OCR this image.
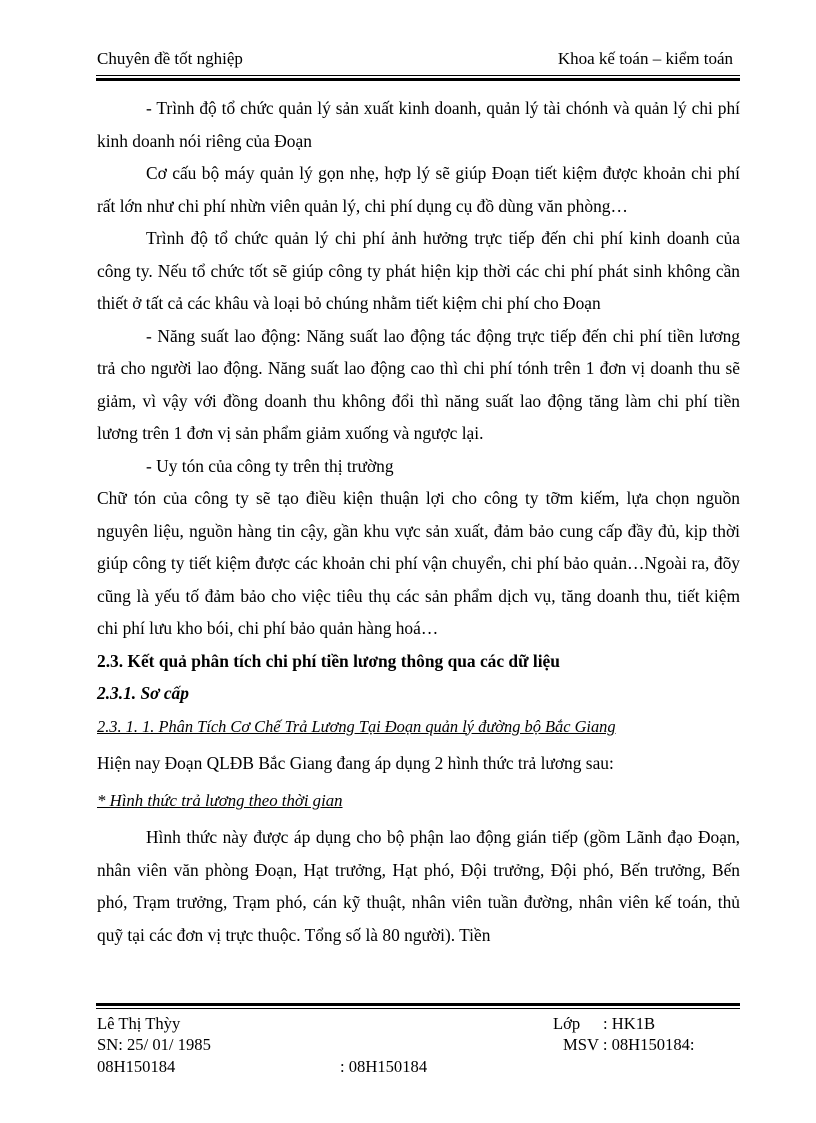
Chuyên đề tốt nghiệp	Khoa kế toán – kiểm toán

- Trình độ tổ chức quản lý sản xuất kinh doanh, quản lý tài chónh và quản lý chi phí kinh doanh nói riêng của Đoạn

Cơ cấu bộ máy quản lý gọn nhẹ, hợp lý sẽ giúp Đoạn tiết kiệm được khoản chi phí rất lớn như chi phí nhừn viên quản lý, chi phí dụng cụ đồ dùng văn phòng…

Trình độ tổ chức quản lý chi phí ảnh hưởng trực tiếp đến chi phí kinh doanh của công ty. Nếu tổ chức tốt sẽ giúp công ty phát hiện kịp thời các chi phí phát sinh không cần thiết ở tất cả các khâu và loại bỏ chúng nhằm tiết kiệm chi phí cho Đoạn

- Năng suất lao động: Năng suất lao động tác động trực tiếp đến chi phí tiền lương trả cho người lao động. Năng suất lao động cao thì chi phí tónh trên 1 đơn vị doanh thu sẽ giảm, vì vậy với đồng doanh thu không đổi thì năng suất lao động tăng làm chi phí tiền lương trên 1 đơn vị sản phẩm giảm xuống và ngược lại.

- Uy tón của công ty trên thị trường

Chữ tón của công ty sẽ tạo điều kiện thuận lợi cho công ty tỡm kiếm, lựa chọn nguồn nguyên liệu, nguồn hàng tin cậy, gần khu vực sản xuất, đảm bảo cung cấp đầy đủ, kịp thời giúp công ty tiết kiệm được các khoản chi phí vận chuyển, chi phí bảo quản…Ngoài ra, đõy cũng là yếu tố đảm bảo cho việc tiêu thụ các sản phẩm dịch vụ, tăng doanh thu, tiết kiệm chi phí lưu kho bói, chi phí bảo quản hàng hoá…

2.3. Kết quả phân tích chi phí tiền lương thông qua các dữ liệu

2.3.1. Sơ cấp

2.3. 1. 1. Phân Tích Cơ Chế Trả Lương Tại Đoạn quản lý đường bộ Bắc Giang

Hiện nay Đoạn QLĐB Bắc Giang đang áp dụng 2 hình thức trả lương sau:

* Hình thức trả lương theo thời gian

Hình thức này được áp dụng cho bộ phận lao động gián tiếp (gồm Lãnh đạo Đoạn, nhân viên văn phòng Đoạn, Hạt trưởng, Hạt phó, Đội trưởng, Đội phó, Bến trưởng, Bến phó, Trạm trưởng, Trạm phó, cán kỹ thuật, nhân viên tuần đường, nhân viên kế toán, thủ quỹ tại các đơn vị trực thuộc. Tổng số là 80 người). Tiền

Lê Thị Thỳy	Lớp : HK1B
SN: 25/ 01/ 1985	MSV : 08H150184:
08H150184	: 08H150184
